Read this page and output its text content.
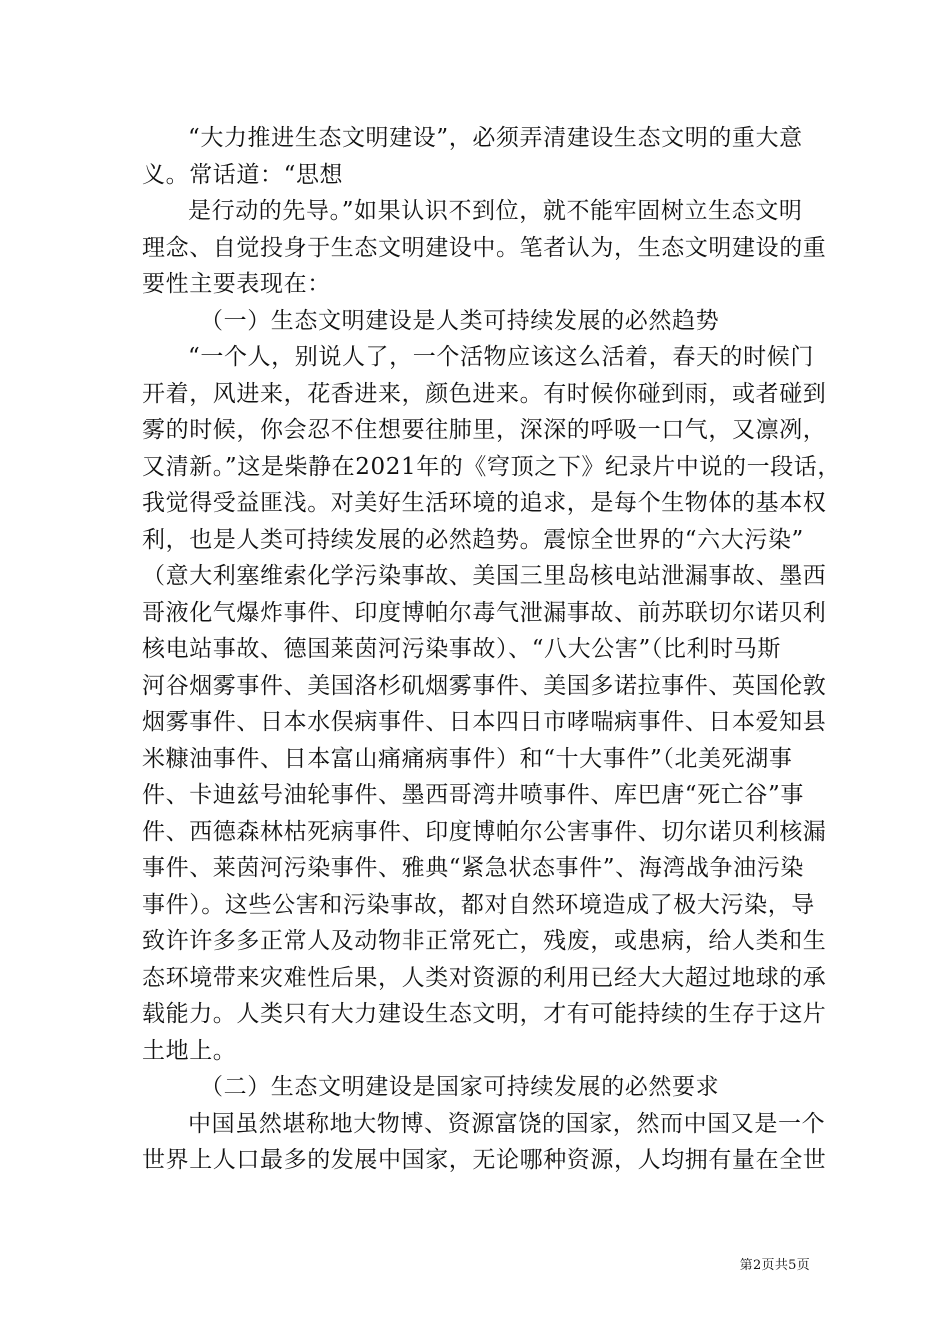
“大力推进生态文明建设”，必须弄清建设生态文明的重大意
义。常话道：“思想
是行动的先导。”如果认识不到位，就不能牢固树立生态文明
理念、自觉投身于生态文明建设中。笔者认为，生态文明建设的重
要性主要表现在：
（一）生态文明建设是人类可持续发展的必然趋势
“一个人，别说人了，一个活物应该这么活着，春天的时候门
开着，风进来，花香进来，颜色进来。有时候你碰到雨，或者碰到
雾的时候，你会忍不住想要往肺里，深深的呼吸一口气，又凛冽，
又清新。”这是柴静在2021年的《穹顶之下》纪录片中说的一段话，
我觉得受益匪浅。对美好生活环境的追求，是每个生物体的基本权
利，也是人类可持续发展的必然趋势。震惊全世界的“六大污染”
（意大利塞维索化学污染事故、美国三里岛核电站泄漏事故、墨西
哥液化气爆炸事件、印度博帕尔毒气泄漏事故、前苏联切尔诺贝利
核电站事故、德国莱茵河污染事故）、“八大公害”（比利时马斯
河谷烟雾事件、美国洛杉矶烟雾事件、美国多诺拉事件、英国伦敦
烟雾事件、日本水俣病事件、日本四日市哮喘病事件、日本爱知县
米糠油事件、日本富山痛痛病事件）和“十大事件”（北美死湖事
件、卡迪兹号油轮事件、墨西哥湾井喷事件、库巴唐“死亡谷”事
件、西德森林枯死病事件、印度博帕尔公害事件、切尔诺贝利核漏
事件、莱茵河污染事件、雅典“紧急状态事件”、海湾战争油污染
事件）。这些公害和污染事故，都对自然环境造成了极大污染，导
致许许多多正常人及动物非正常死亡，残废，或患病，给人类和生
态环境带来灾难性后果，人类对资源的利用已经大大超过地球的承
载能力。人类只有大力建设生态文明，才有可能持续的生存于这片
土地上。
（二）生态文明建设是国家可持续发展的必然要求
中国虽然堪称地大物博、资源富饶的国家，然而中国又是一个
世界上人口最多的发展中国家，无论哪种资源，人均拥有量在全世
第2页共5页
